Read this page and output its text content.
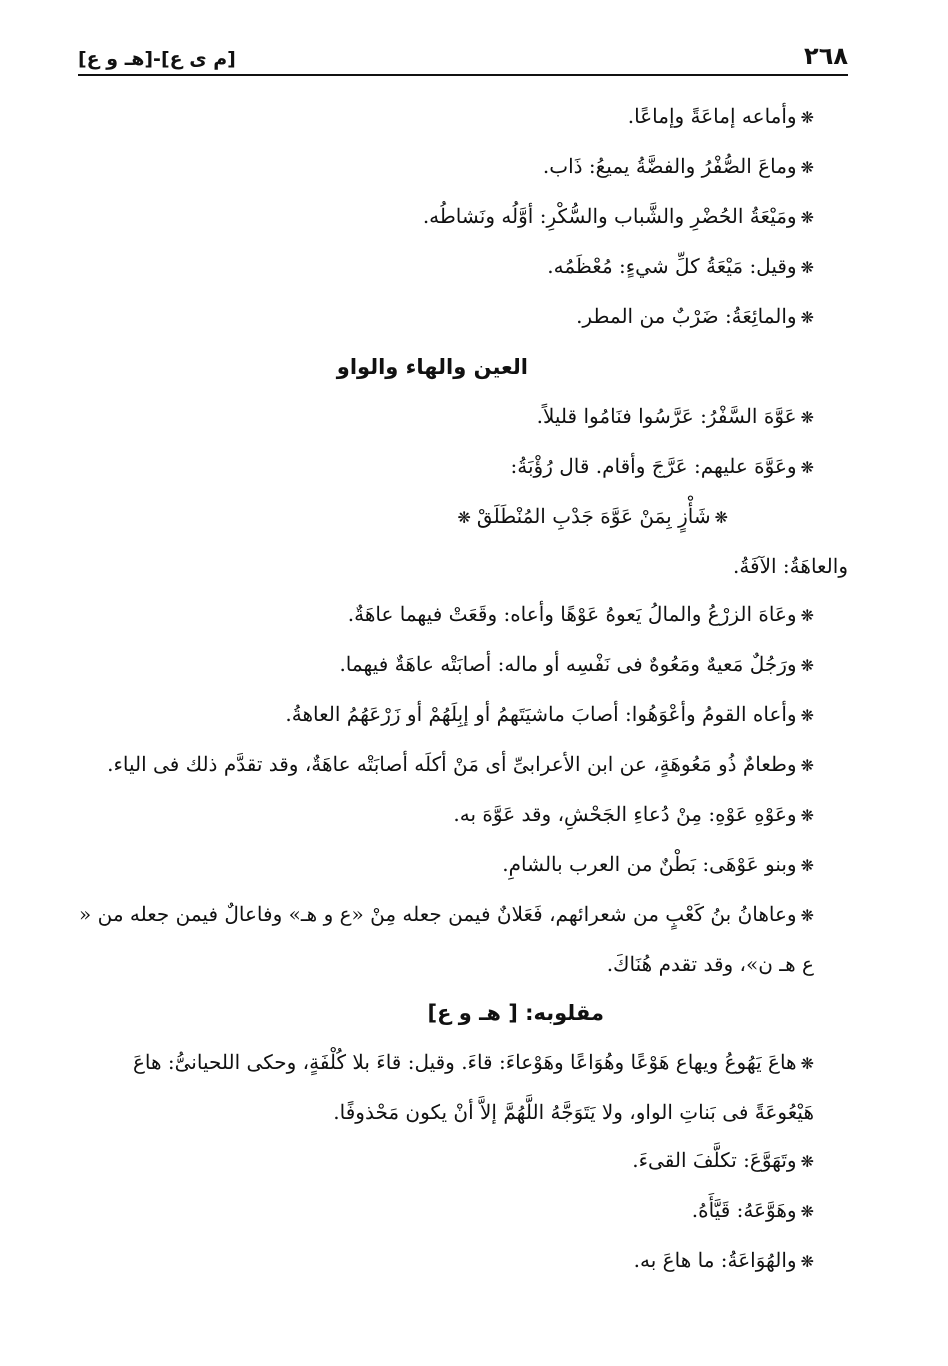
٢٦٨
[م ى ع]-[هـ و ع]

❋وأماعه إماعَةً وإماعًا.

❋وماعَ الصُّفْرُ والفضَّةُ يميعُ: ذَاب.

❋ومَيْعَةُ الحُضْرِ والشَّباب والسُّكْرِ: أوَّلُه ونَشاطُه.

❋وقيل: مَيْعَةُ كلِّ شيءٍ: مُعْظَمُه.

❋والمائِعَةُ: ضَرْبٌ من المطر.

العين والهاء والواو

❋عَوَّهَ السَّفْرُ: عَرَّسُوا فنَامُوا قليلاً.

❋وعَوَّهَ عليهم: عَرَّجَ وأقام. قال رُؤْبَةُ:

❋شَأْزٍ بِمَنْ عَوَّهَ جَدْبِ المُنْطَلَقْ❋

والعاهَةُ: الآفَةُ.

❋وعَاهَ الزرْعُ والمالُ يَعوهُ عَوْهًا وأعاه: وقَعَتْ فيهما عاهَةٌ.

❋ورَجُلٌ مَعيهٌ ومَعُوهٌ فى نَفْسِه أو ماله: أصابَتْه عاهَةٌ فيهما.

❋وأعاه القومُ وأعْوَهُوا: أصابَ ماشيَتَهمُ أو إبِلَهُمْ أو زَرْعَهُمُ العاهةُ.

❋وطعامٌ ذُو مَعُوهَةٍ، عن ابن الأعرابىِّ أى مَنْ أكلَه أصابَتْه عاهَةٌ، وقد تقدَّم ذلك فى الياء.

❋وعَوْهِ عَوْهِ: مِنْ دُعاءِ الجَحْشِ، وقد عَوَّهَ به.

❋وبنو عَوْهَى: بَطْنٌ من العرب بالشامِ.

❋وعاهانُ بنُ كَعْبٍ من شعرائهم، فَعَلانٌ فيمن جعله مِنْ «ع و هـ» وفاعالٌ فيمن جعله من « ع هـ ن»، وقد تقدم هُنَاكَ.

مقلوبه: [ هـ و ع]

❋هاعَ يَهُوعُ ويهاع هَوْعًا وهُوَاعًا وهَوْعاءَ: قاءَ. وقيل: قاءَ بلا كُلْفَةٍ، وحكى اللحيانىُّ: هاعَ هَيْعُوعَةً فى بَناتِ الواو، ولا يَتَوَجَّهُ اللَّهُمَّ إلاَّ أنْ يكون مَحْذوفًا.

❋وتَهَوَّعَ: تكلَّفَ القىءَ.

❋وهَوَّعَهُ: قَيَّأَهُ.

❋والهُوَاعَةُ: ما هاعَ به.
